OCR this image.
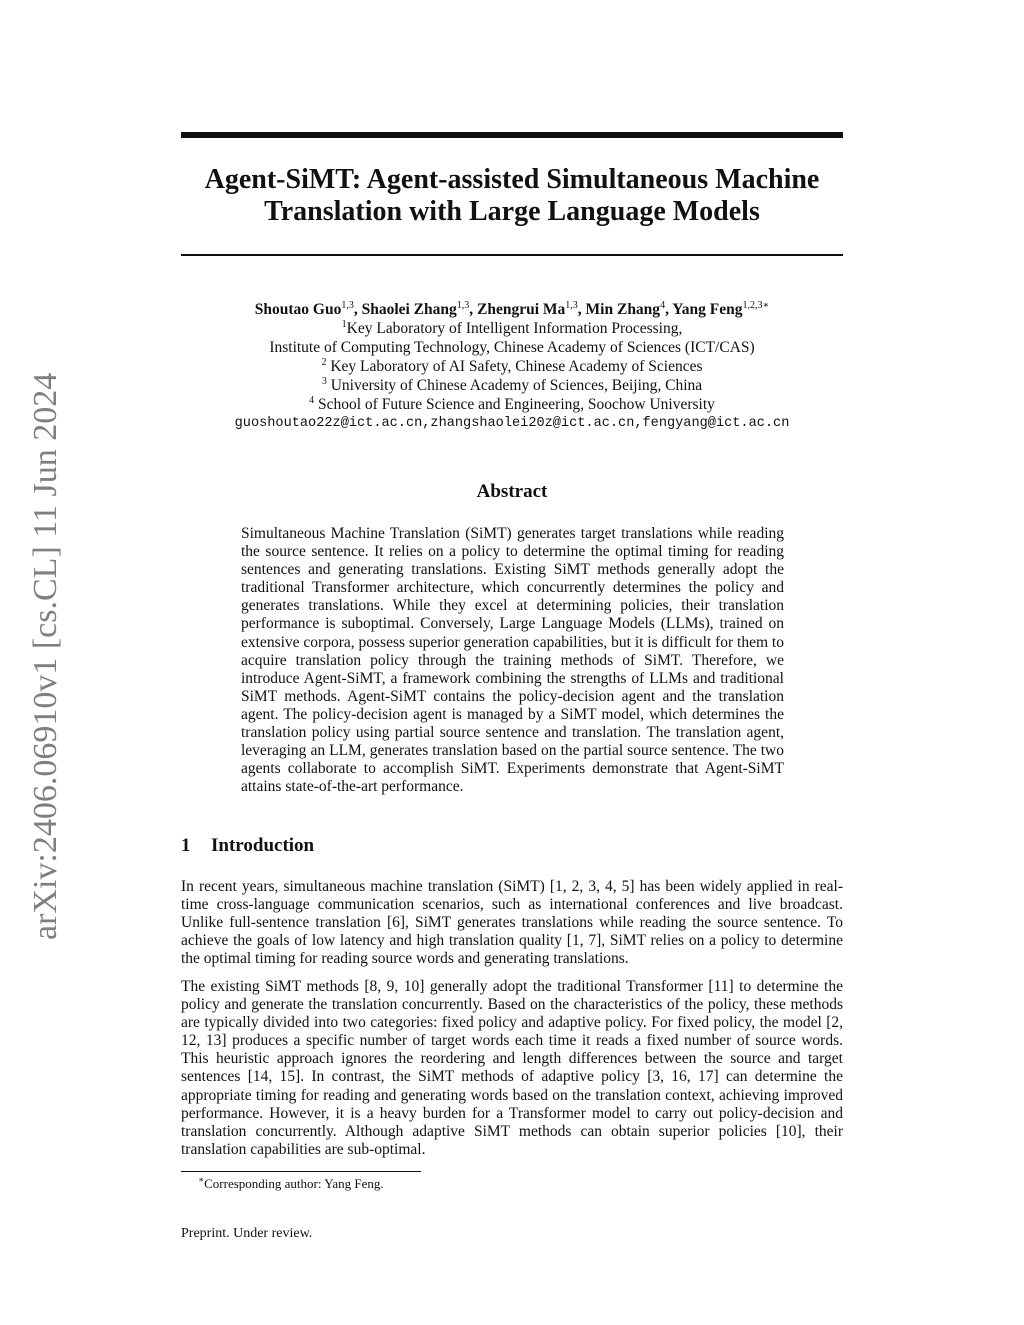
Agent-SiMT: Agent-assisted Simultaneous Machine
Translation with Large Language Models
Shoutao Guo$^{1,3}$, Shaolei Zhang$^{1,3}$, Zhengrui Ma$^{1,3}$, Min Zhang$^4$, Yang Feng$^{1,2,3∗}$
$^1$Key Laboratory of Intelligent Information Processing,
Institute of Computing Technology, Chinese Academy of Sciences (ICT/CAS)
$^2$ Key Laboratory of AI Safety, Chinese Academy of Sciences
$^3$ University of Chinese Academy of Sciences, Beijing, China
$^4$ School of Future Science and Engineering, Soochow University
guoshoutao22z@ict.ac.cn,zhangshaolei20z@ict.ac.cn,fengyang@ict.ac.cn
Abstract

Simultaneous Machine Translation (SiMT) generates target translations while reading the source sentence. It relies on a policy to determine the optimal timing for reading sentences and generating translations. Existing SiMT methods generally adopt the traditional Transformer architecture, which concurrently determines the policy and generates translations. While they excel at determining policies, their translation performance is suboptimal. Conversely, Large Language Models (LLMs), trained on extensive corpora, possess superior generation capabilities, but it is difficult for them to acquire translation policy through the training methods of SiMT. Therefore, we introduce Agent-SiMT, a framework combining the strengths of LLMs and traditional SiMT methods. Agent-SiMT contains the policy-decision agent and the translation agent. The policy-decision agent is managed by a SiMT model, which determines the translation policy using partial source sentence and translation. The translation agent, leveraging an LLM, generates translation based on the partial source sentence. The two agents collaborate to accomplish SiMT. Experiments demonstrate that Agent-SiMT attains state-of-the-art performance.

1 Introduction

In recent years, simultaneous machine translation (SiMT) [1, 2, 3, 4, 5] has been widely applied in real-time cross-language communication scenarios, such as international conferences and live broadcast. Unlike full-sentence translation [6], SiMT generates translations while reading the source sentence. To achieve the goals of low latency and high translation quality [1, 7], SiMT relies on a policy to determine the optimal timing for reading source words and generating translations.

The existing SiMT methods [8, 9, 10] generally adopt the traditional Transformer [11] to determine the policy and generate the translation concurrently. Based on the characteristics of the policy, these methods are typically divided into two categories: fixed policy and adaptive policy. For fixed policy, the model [2, 12, 13] produces a specific number of target words each time it reads a fixed number of source words. This heuristic approach ignores the reordering and length differences between the source and target sentences [14, 15]. In contrast, the SiMT methods of adaptive policy [3, 16, 17] can determine the appropriate timing for reading and generating words based on the translation context, achieving improved performance. However, it is a heavy burden for a Transformer model to carry out policy-decision and translation concurrently. Although adaptive SiMT methods can obtain superior policies [10], their translation capabilities are sub-optimal.

∗Corresponding author: Yang Feng.

Preprint. Under review.

arXiv:2406.06910v1 [cs.CL] 11 Jun 2024
